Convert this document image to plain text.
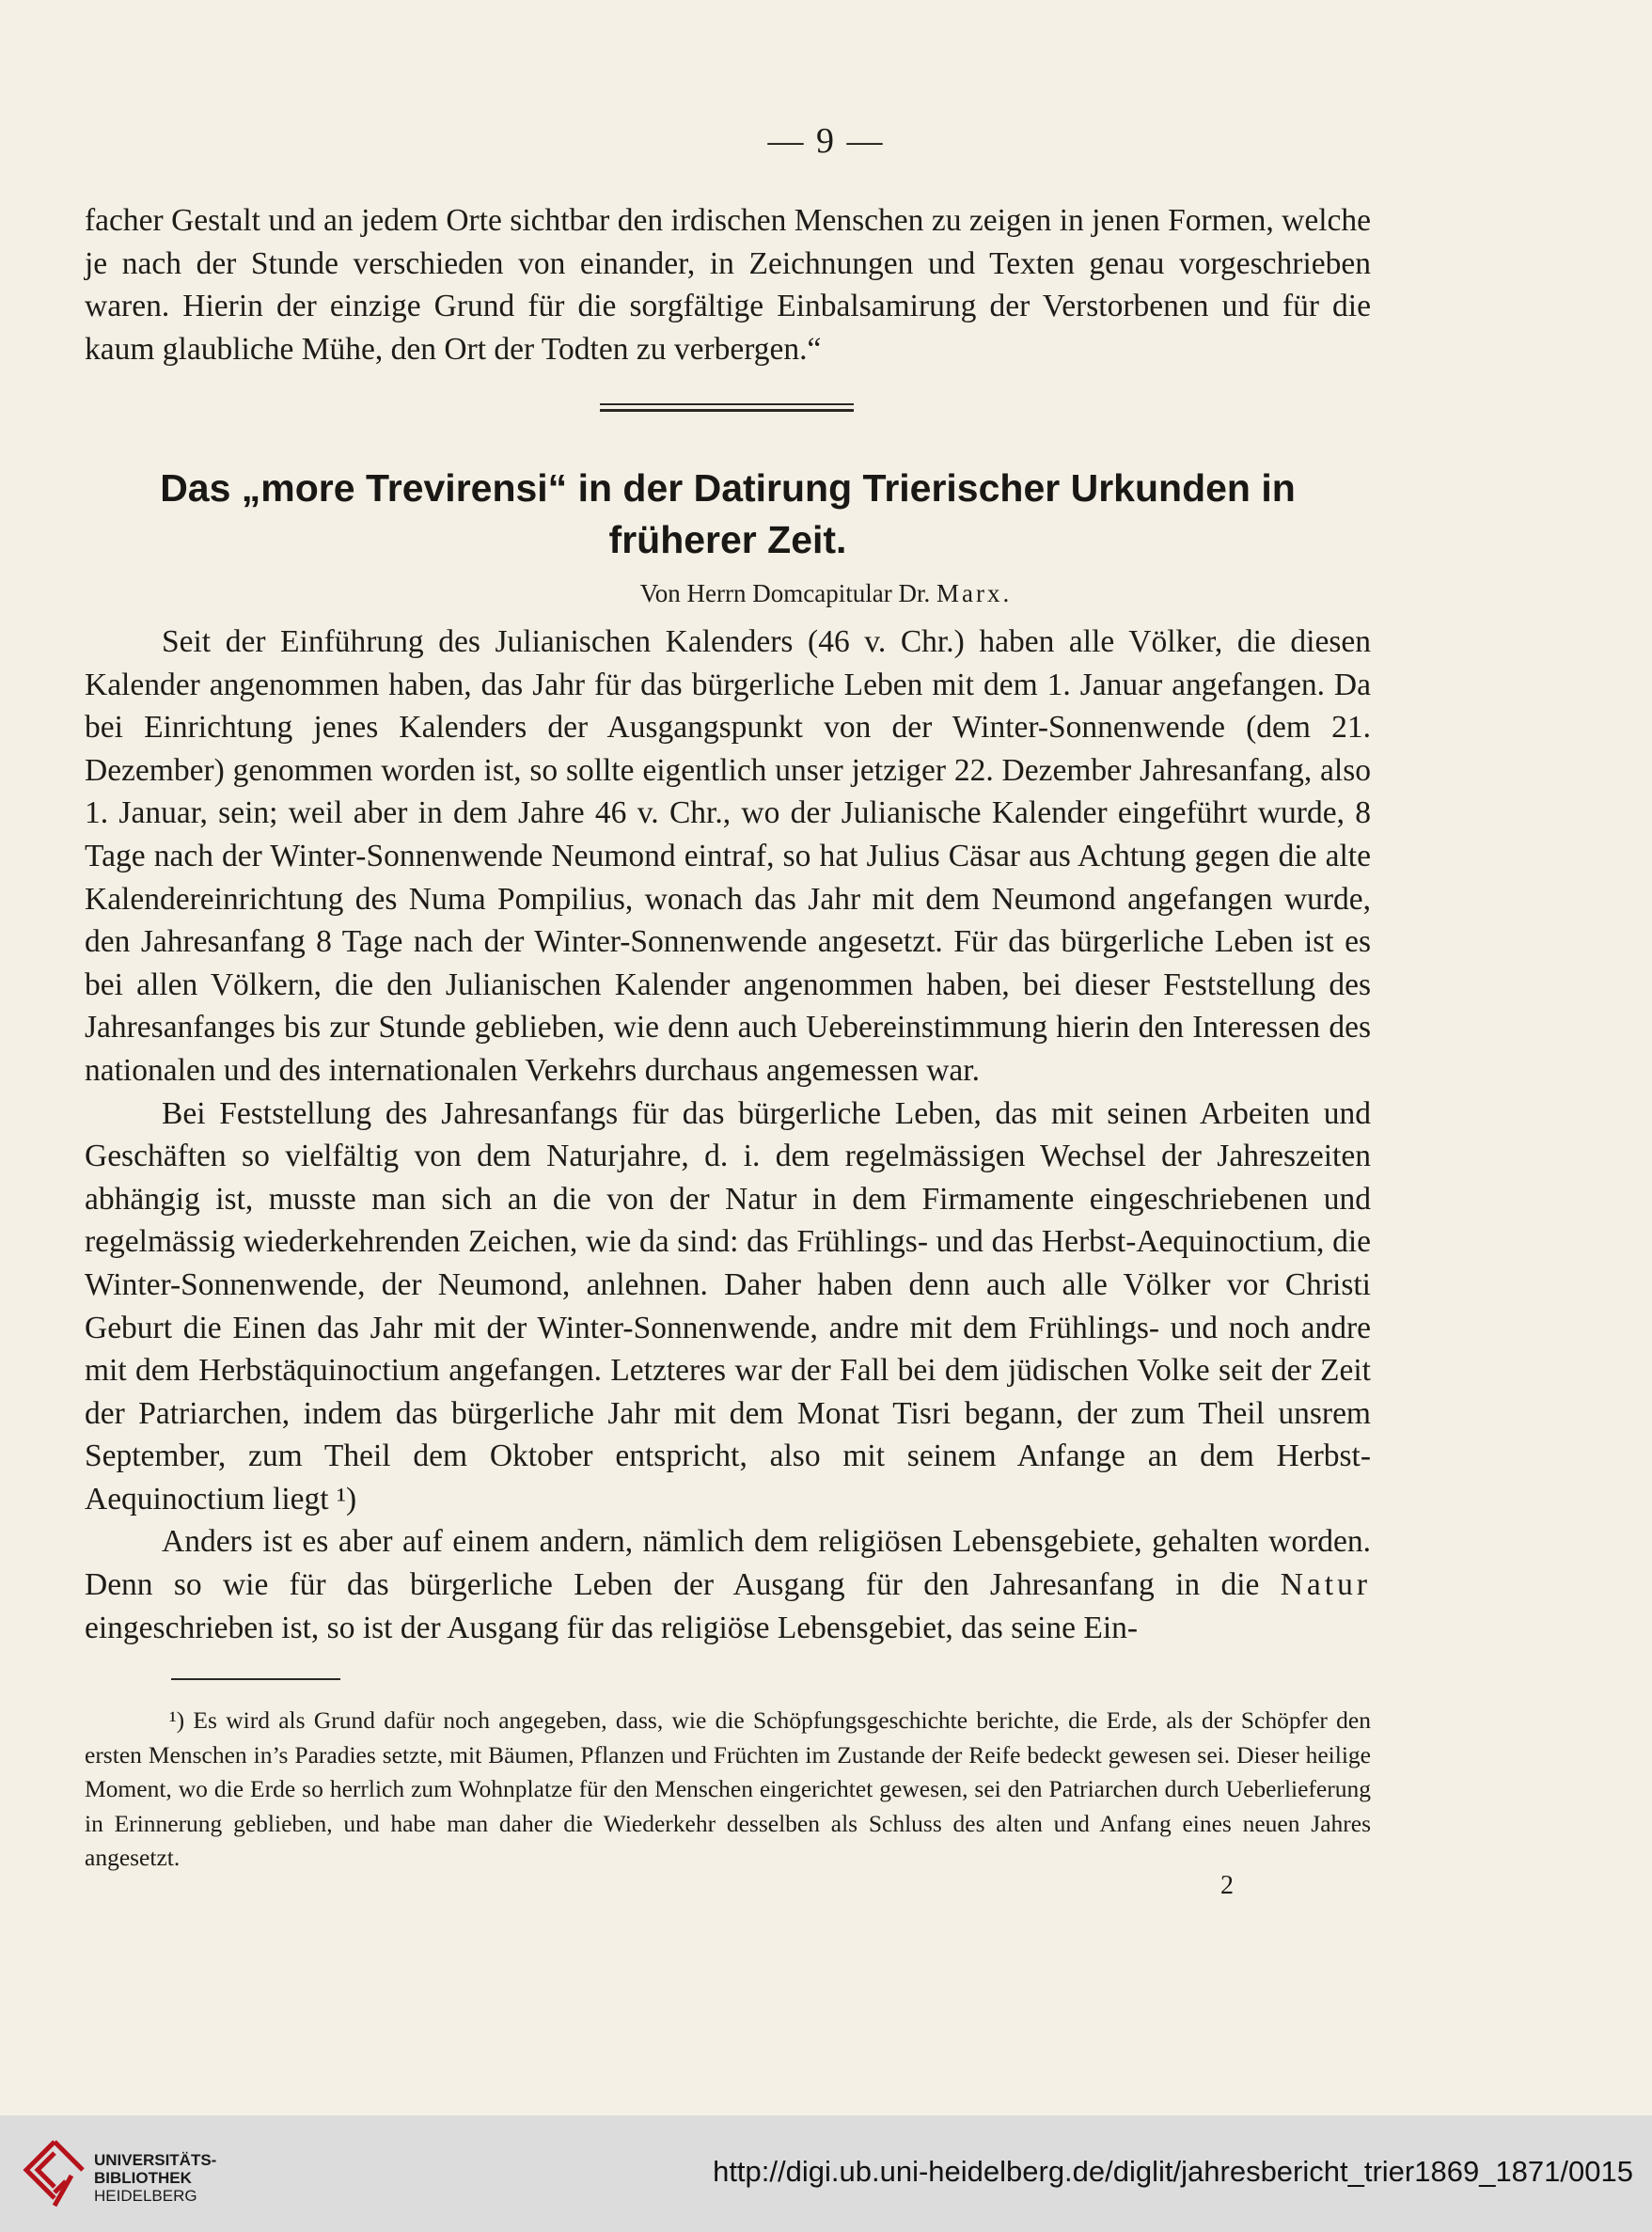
— 9 —

facher Gestalt und an jedem Orte sichtbar den irdischen Menschen zu zeigen in jenen Formen, welche je nach der Stunde verschieden von einander, in Zeichnungen und Texten genau vorgeschrieben waren. Hierin der einzige Grund für die sorgfältige Einbalsamirung der Verstorbenen und für die kaum glaubliche Mühe, den Ort der Todten zu verbergen.“

Das „more Trevirensi“ in der Datirung Trierischer Urkunden in
früherer Zeit.
Von Herrn Domcapitular Dr. Marx.

Seit der Einführung des Julianischen Kalenders (46 v. Chr.) haben alle Völker, die diesen Kalender angenommen haben, das Jahr für das bürgerliche Leben mit dem 1. Januar angefangen. Da bei Einrichtung jenes Kalenders der Ausgangspunkt von der Winter-Sonnenwende (dem 21. Dezember) genommen worden ist, so sollte eigentlich unser jetziger 22. Dezember Jahresanfang, also 1. Januar, sein; weil aber in dem Jahre 46 v. Chr., wo der Julianische Kalender eingeführt wurde, 8 Tage nach der Winter-Sonnenwende Neumond eintraf, so hat Julius Cäsar aus Achtung gegen die alte Kalendereinrichtung des Numa Pompilius, wonach das Jahr mit dem Neumond angefangen wurde, den Jahresanfang 8 Tage nach der Winter-Sonnenwende angesetzt. Für das bürgerliche Leben ist es bei allen Völkern, die den Julianischen Kalender angenommen haben, bei dieser Feststellung des Jahresanfanges bis zur Stunde geblieben, wie denn auch Uebereinstimmung hierin den Interessen des nationalen und des internationalen Verkehrs durchaus angemessen war.

Bei Feststellung des Jahresanfangs für das bürgerliche Leben, das mit seinen Arbeiten und Geschäften so vielfältig von dem Naturjahre, d. i. dem regelmässigen Wechsel der Jahreszeiten abhängig ist, musste man sich an die von der Natur in dem Firmamente eingeschriebenen und regelmässig wiederkehrenden Zeichen, wie da sind: das Frühlings- und das Herbst-Aequinoctium, die Winter-Sonnenwende, der Neumond, anlehnen. Daher haben denn auch alle Völker vor Christi Geburt die Einen das Jahr mit der Winter-Sonnenwende, andre mit dem Frühlings- und noch andre mit dem Herbstäquinoctium angefangen. Letzteres war der Fall bei dem jüdischen Volke seit der Zeit der Patriarchen, indem das bürgerliche Jahr mit dem Monat Tisri begann, der zum Theil unsrem September, zum Theil dem Oktober entspricht, also mit seinem Anfange an dem Herbst-Aequinoctium liegt ¹)

Anders ist es aber auf einem andern, nämlich dem religiösen Lebensgebiete, gehalten worden. Denn so wie für das bürgerliche Leben der Ausgang für den Jahresanfang in die Natur eingeschrieben ist, so ist der Ausgang für das religiöse Lebensgebiet, das seine Ein-

¹) Es wird als Grund dafür noch angegeben, dass, wie die Schöpfungsgeschichte berichte, die Erde, als der Schöpfer den ersten Menschen in’s Paradies setzte, mit Bäumen, Pflanzen und Früchten im Zustande der Reife bedeckt gewesen sei. Dieser heilige Moment, wo die Erde so herrlich zum Wohnplatze für den Menschen eingerichtet gewesen, sei den Patriarchen durch Ueberlieferung in Erinnerung geblieben, und habe man daher die Wiederkehr desselben als Schluss des alten und Anfang eines neuen Jahres angesetzt.

2
UNIVERSITÄTS-
BIBLIOTHEK
HEIDELBERG
http://digi.ub.uni-heidelberg.de/diglit/jahresbericht_trier1869_1871/0015
